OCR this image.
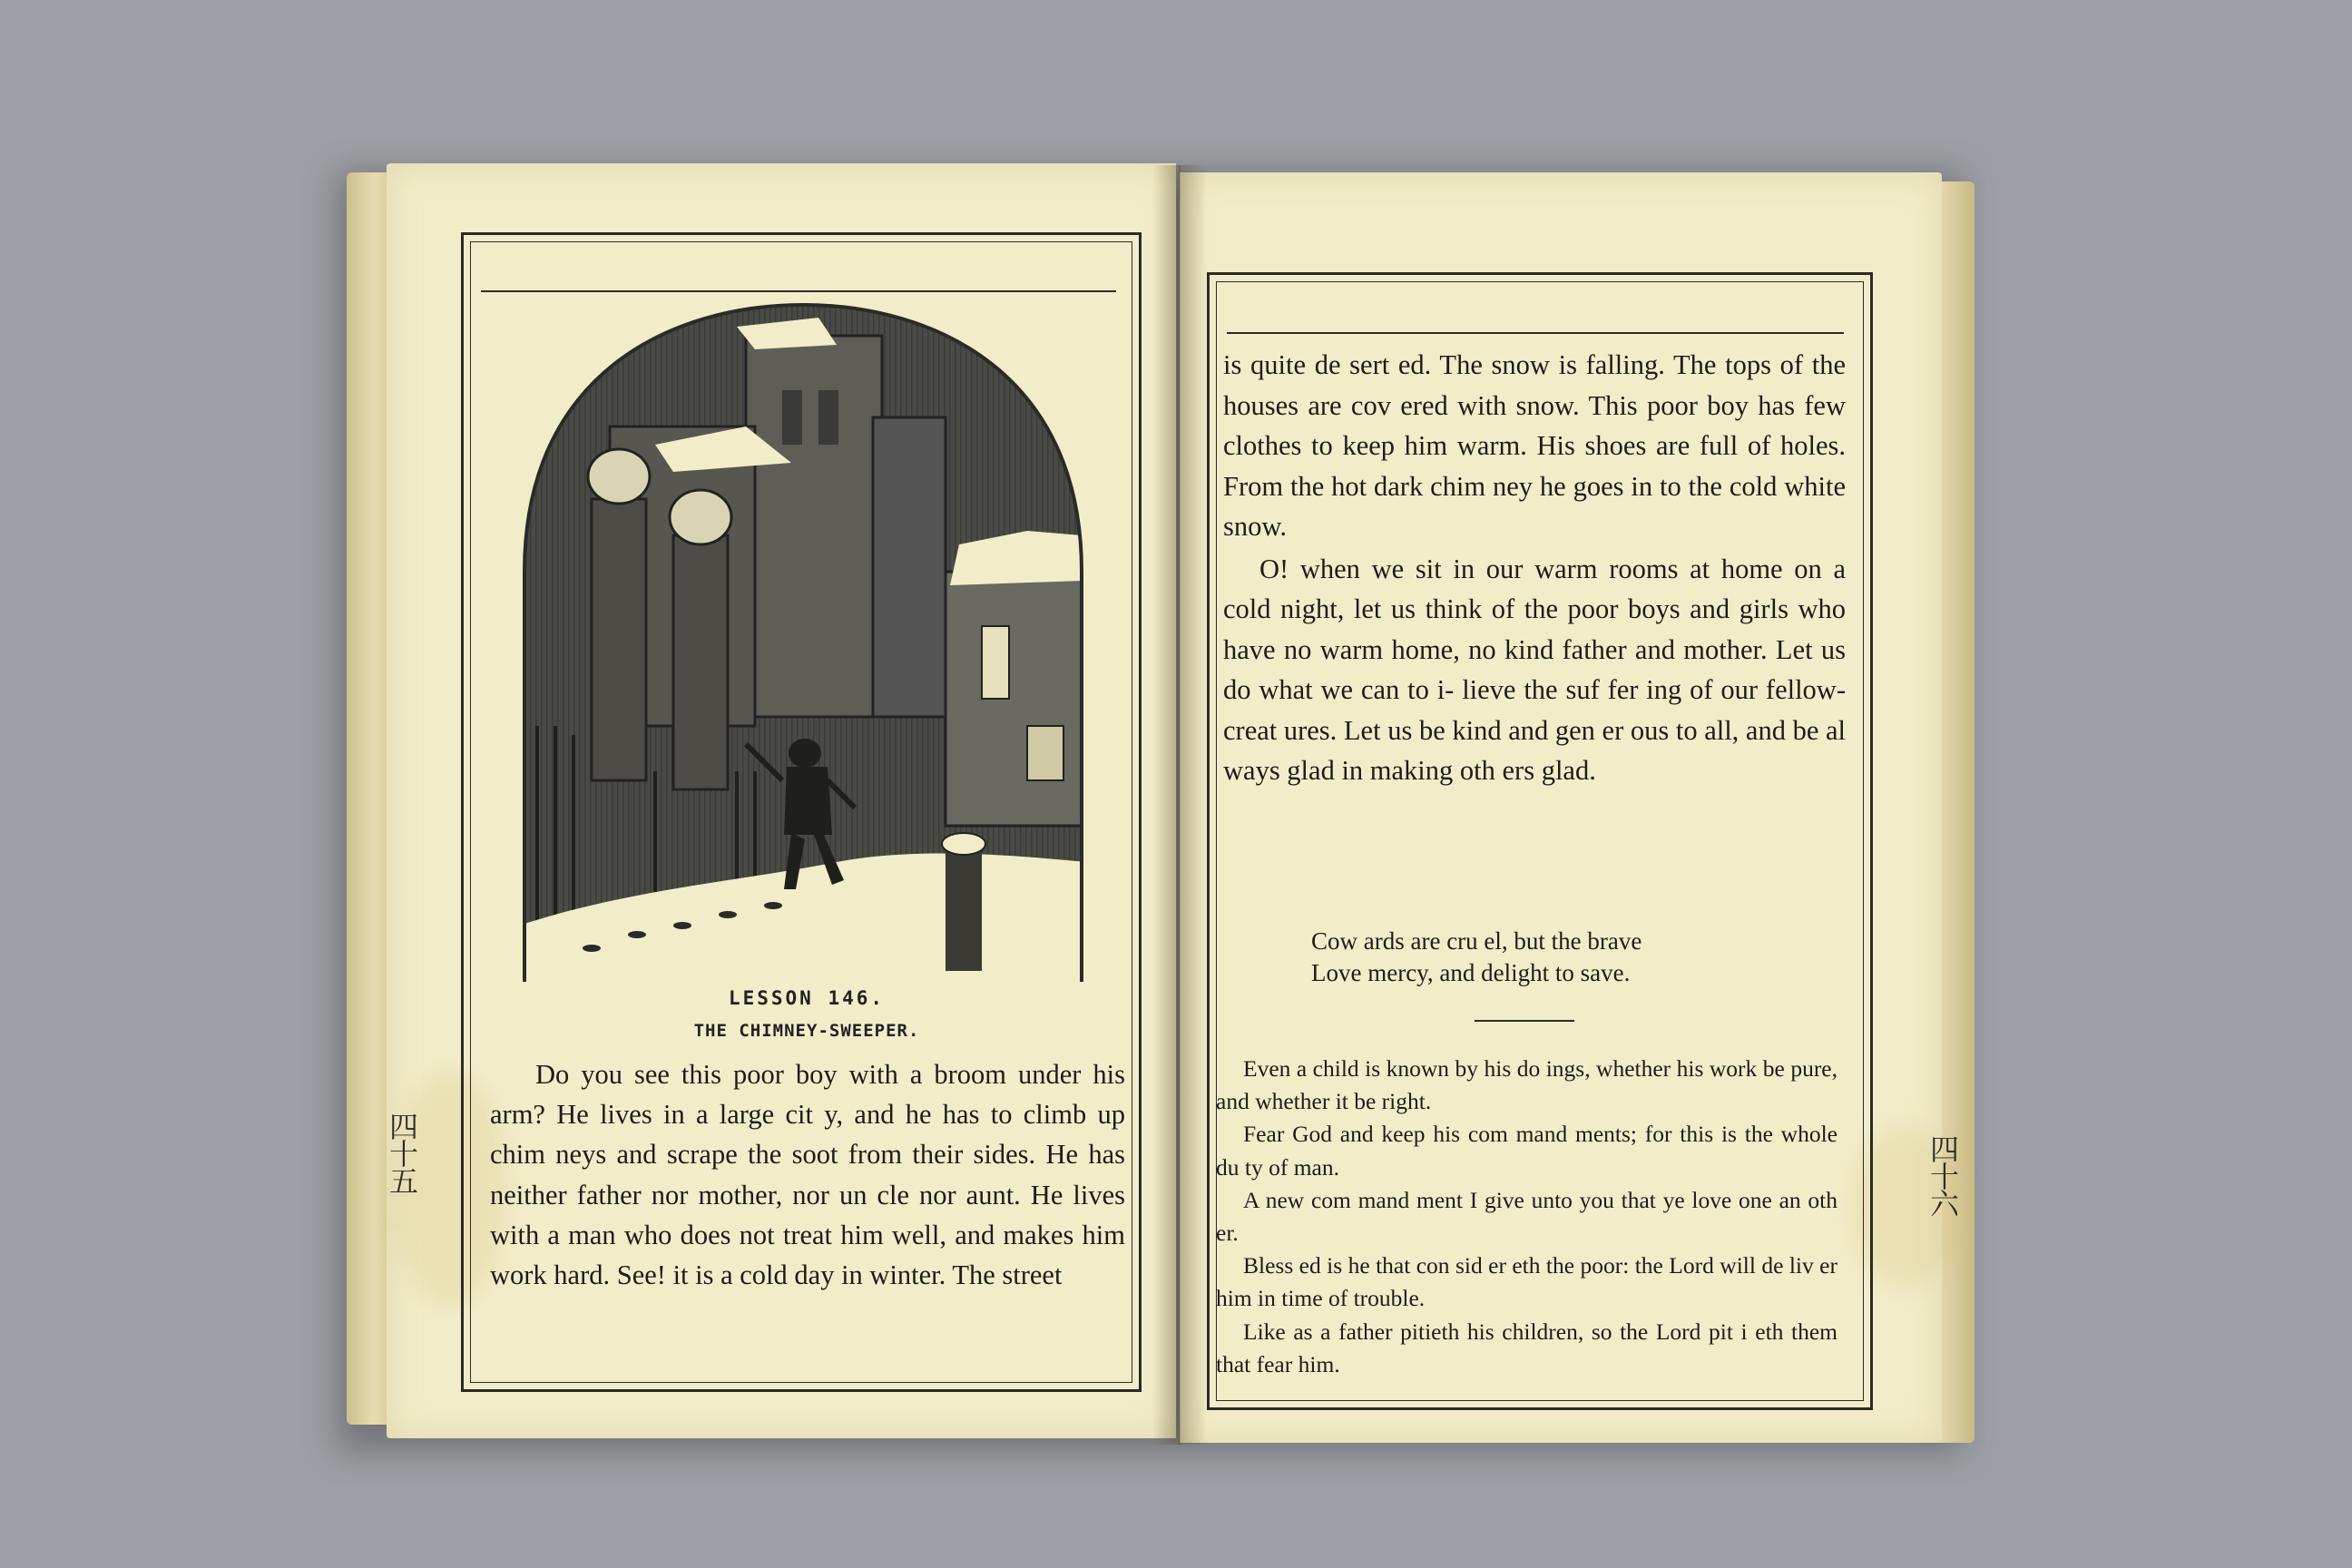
LESSON 146.
THE CHIMNEY-SWEEPER.

Do you see this poor boy with a broom under his arm? He lives in a large cit y, and he has to climb up chim neys and scrape the soot from their sides. He has neither father nor mother, nor un cle nor aunt. He lives with a man who does not treat him well, and makes him work hard. See! it is a cold day in winter. The street

四十五

is quite de sert ed. The snow is falling. The tops of the houses are cov ered with snow. This poor boy has few clothes to keep him warm. His shoes are full of holes. From the hot dark chim ney he goes in to the cold white snow.

O! when we sit in our warm rooms at home on a cold night, let us think of the poor boys and girls who have no warm home, no kind father and mother. Let us do what we can to i- lieve the suf fer ing of our fellow-creat ures. Let us be kind and gen er ous to all, and be al ways glad in making oth ers glad.

Cow ards are cru el, but the brave
Love mercy, and delight to save.

Even a child is known by his do ings, whether his work be pure, and whether it be right.

Fear God and keep his com mand ments; for this is the whole du ty of man.

A new com mand ment I give unto you that ye love one an oth er.

Bless ed is he that con sid er eth the poor: the Lord will de liv er him in time of trouble.

Like as a father pitieth his children, so the Lord pit i eth them that fear him.

四十六
